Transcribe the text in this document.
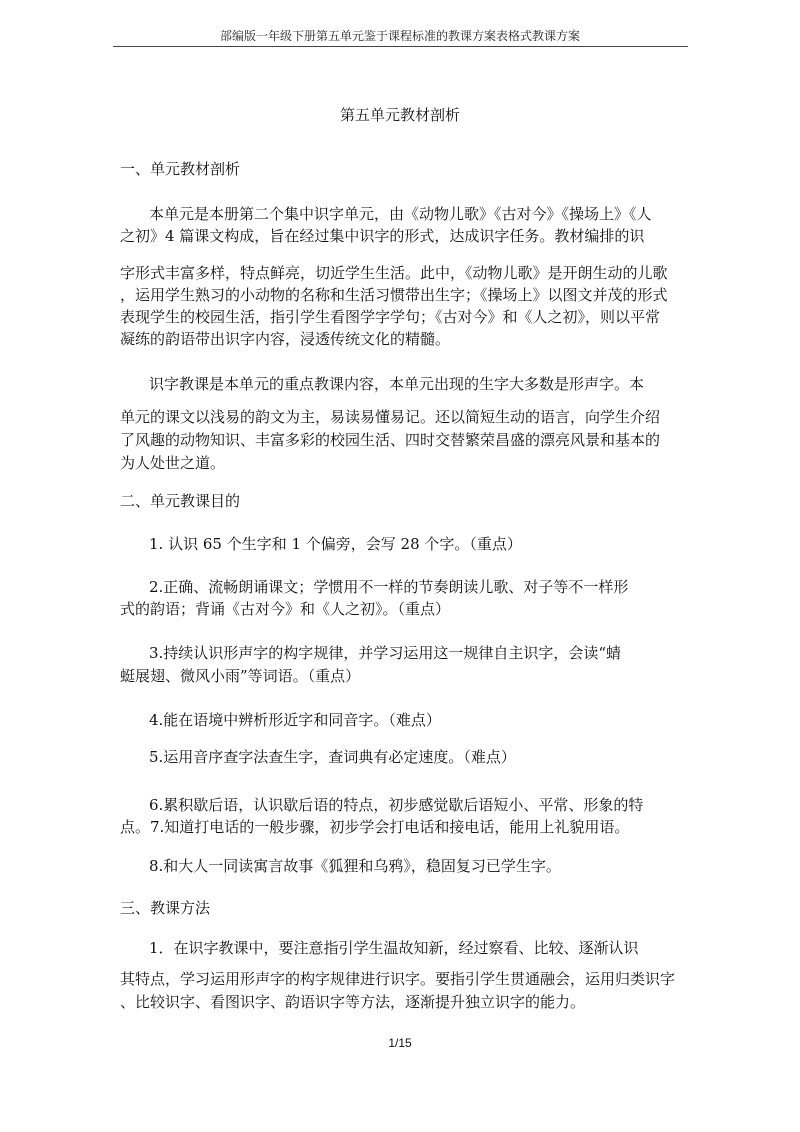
部编版一年级下册第五单元鉴于课程标准的教课方案表格式教课方案
第五单元教材剖析
一、单元教材剖析
本单元是本册第二个集中识字单元，由《动物儿歌》《古对今》《操场上》《人
之初》4 篇课文构成，旨在经过集中识字的形式，达成识字任务。教材编排的识
字形式丰富多样，特点鲜亮，切近学生生活。此中，《动物儿歌》是开朗生动的儿歌
，运用学生熟习的小动物的名称和生活习惯带出生字；《操场上》以图文并茂的形式
表现学生的校园生活，指引学生看图学字学句；《古对今》和《人之初》，则以平常
凝练的韵语带出识字内容，浸透传统文化的精髓。
识字教课是本单元的重点教课内容，本单元出现的生字大多数是形声字。本
单元的课文以浅易的韵文为主，易读易懂易记。还以简短生动的语言，向学生介绍
了风趣的动物知识、丰富多彩的校园生活、四时交替繁荣昌盛的漂亮风景和基本的
为人处世之道。
二、单元教课目的
1. 认识 65 个生字和 1 个偏旁，会写 28 个字。（重点）
2.正确、流畅朗诵课文；学惯用不一样的节奏朗读儿歌、对子等不一样形
式的韵语；背诵《古对今》和《人之初》。（重点）
3.持续认识形声字的构字规律，并学习运用这一规律自主识字，会读“蜻
蜓展翅、微风小雨”等词语。（重点）
4.能在语境中辨析形近字和同音字。（难点）
5.运用音序查字法查生字，查词典有必定速度。（难点）
6.累积歇后语，认识歇后语的特点，初步感觉歇后语短小、平常、形象的特
点。7.知道打电话的一般步骤，初步学会打电话和接电话，能用上礼貌用语。
8.和大人一同读寓言故事《狐狸和乌鸦》，稳固复习已学生字。
三、教课方法
1．在识字教课中，要注意指引学生温故知新，经过察看、比较、逐渐认识
其特点，学习运用形声字的构字规律进行识字。要指引学生贯通融会，运用归类识字
、比较识字、看图识字、韵语识字等方法，逐渐提升独立识字的能力。
1/15
